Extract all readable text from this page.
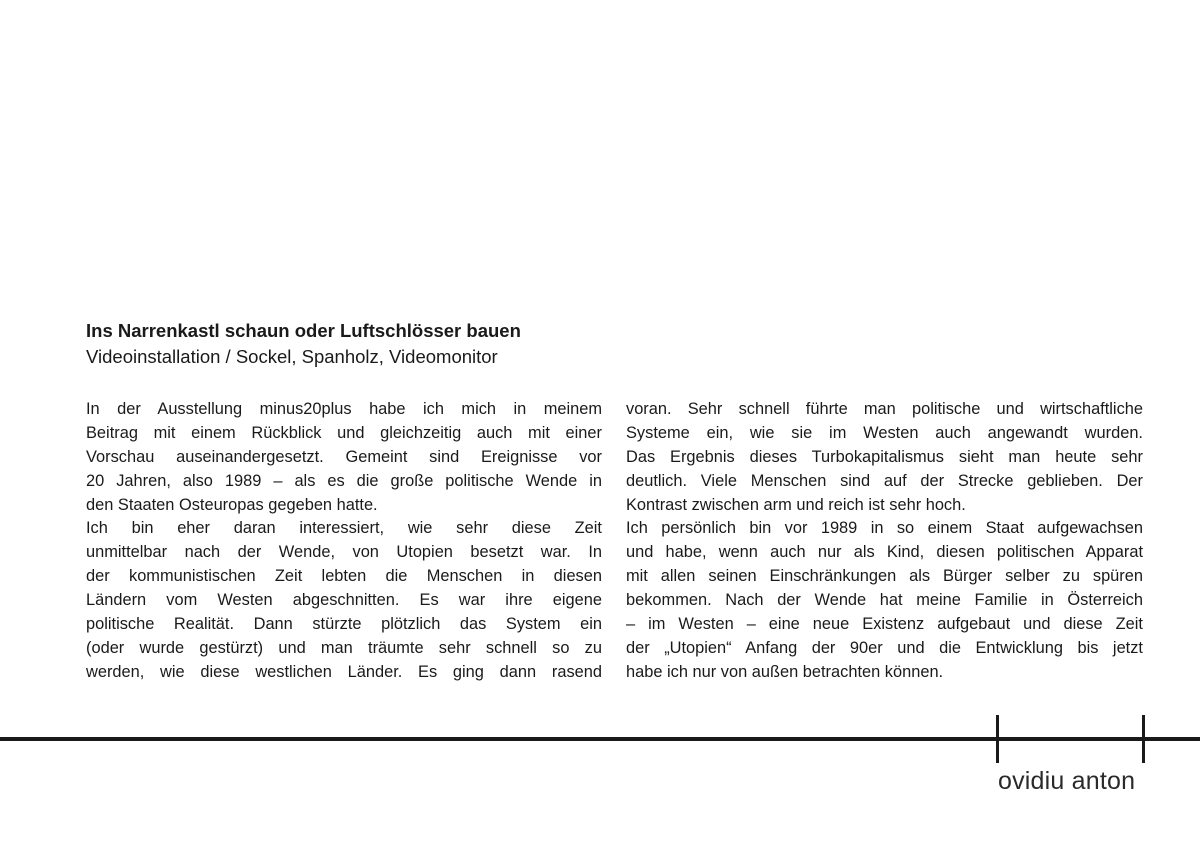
Ins Narrenkastl schaun oder Luftschlösser bauen
Videoinstallation / Sockel, Spanholz, Videomonitor
In der Ausstellung minus20plus habe ich mich in meinem
Beitrag mit einem Rückblick und gleichzeitig auch mit einer
Vorschau auseinandergesetzt. Gemeint sind Ereignisse vor
20 Jahren, also 1989 – als es die große politische Wende in
den Staaten Osteuropas gegeben hatte.
Ich bin eher daran interessiert, wie sehr diese Zeit
unmittelbar nach der Wende, von Utopien besetzt war. In
der kommunistischen Zeit lebten die Menschen in diesen
Ländern vom Westen abgeschnitten. Es war ihre eigene
politische Realität. Dann stürzte plötzlich das System ein
(oder wurde gestürzt) und man träumte sehr schnell so zu
werden, wie diese westlichen Länder. Es ging dann rasend
voran. Sehr schnell führte man politische und wirtschaftliche
Systeme ein, wie sie im Westen auch angewandt wurden.
Das Ergebnis dieses Turbokapitalismus sieht man heute sehr
deutlich. Viele Menschen sind auf der Strecke geblieben. Der
Kontrast zwischen arm und reich ist sehr hoch.
Ich persönlich bin vor 1989 in so einem Staat aufgewachsen
und habe, wenn auch nur als Kind, diesen politischen Apparat
mit allen seinen Einschränkungen als Bürger selber zu spüren
bekommen. Nach der Wende hat meine Familie in Österreich
– im Westen – eine neue Existenz aufgebaut und diese Zeit
der „Utopien“ Anfang der 90er und die Entwicklung bis jetzt
habe ich nur von außen betrachten können.
ovidiu anton
